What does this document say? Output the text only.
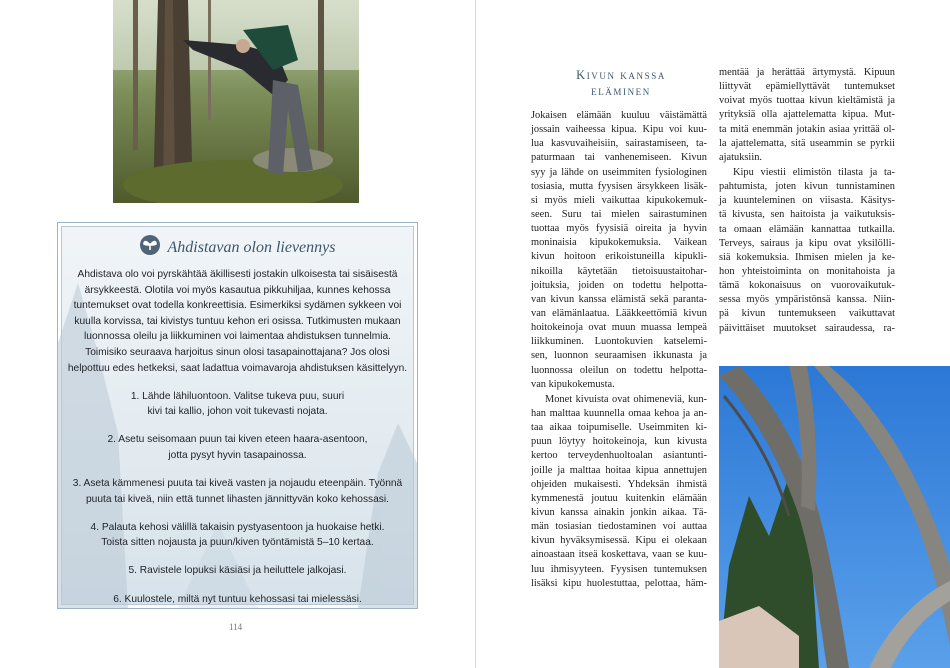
Ahdistavan olon lievennys
Ahdistava olo voi pyrskähtää äkillisesti jostakin ulkoisesta tai sisäisestä
ärsykkeestä. Olotila voi myös kasautua pikkuhiljaa, kunnes kehossa
tuntemukset ovat todella konkreettisia. Esimerkiksi sydämen sykkeen voi
kuulla korvissa, tai kivistys tuntuu kehon eri osissa. Tutkimusten mukaan
luonnossa oleilu ja liikkuminen voi laimentaa ahdistuksen tunnelmia.
Toimisiko seuraava harjoitus sinun olosi tasapainottajana? Jos olosi
helpottuu edes hetkeksi, saat ladattua voimavaroja ahdistuksen käsittelyyn.
1. Lähde lähiluontoon. Valitse tukeva puu, suuri
kivi tai kallio, johon voit tukevasti nojata.
2. Asetu seisomaan puun tai kiven eteen haara-asentoon,
jotta pysyt hyvin tasapainossa.
3. Aseta kämmenesi puuta tai kiveä vasten ja nojaudu eteenpäin. Työnnä
puuta tai kiveä, niin että tunnet lihasten jännittyvän koko kehossasi.
4. Palauta kehosi välillä takaisin pystyasentoon ja huokaise hetki.
Toista sitten nojausta ja puun/kiven työntämistä 5–10 kertaa.
5. Ravistele lopuksi käsiäsi ja heiluttele jalkojasi.
6. Kuulostele, miltä nyt tuntuu kehossasi tai mielessäsi.
114
Kivun kanssa
eläminen
Jokaisen elämään kuuluu väistämättä
jossain vaiheessa kipua. Kipu voi kuu-
lua kasvuvaiheisiin, sairastamiseen, ta-
paturmaan tai vanhenemiseen. Kivun
syy ja lähde on useimmiten fysiologinen
tosiasia, mutta fyysisen ärsykkeen lisäk-
si myös mieli vaikuttaa kipukokemuk-
seen. Suru tai mielen sairastuminen
tuottaa myös fyysisiä oireita ja hyvin
moninaisia kipukokemuksia. Vaikean
kivun hoitoon erikoistuneilla kipukli-
nikoilla käytetään tietoisuustaitohar-
joituksia, joiden on todettu helpotta-
van kivun kanssa elämistä sekä paranta-
van elämänlaatua. Lääkkeettömiä kivun
hoitokeinoja ovat muun muassa lempeä
liikkuminen. Luontokuvien katselemi-
sen, luonnon seuraamisen ikkunasta ja
luonnossa oleilun on todettu helpotta-
van kipukokemusta.
Monet kivuista ovat ohimeneviä, kun-
han malttaa kuunnella omaa kehoa ja an-
taa aikaa toipumiselle. Useimmiten ki-
puun löytyy hoitokeinoja, kun kivusta
kertoo terveydenhuoltoalan asiantunti-
joille ja malttaa hoitaa kipua annettujen
ohjeiden mukaisesti. Yhdeksän ihmistä
kymmenestä joutuu kuitenkin elämään
kivun kanssa ainakin jonkin aikaa. Tä-
män tosiasian tiedostaminen voi auttaa
kivun hyväksymisessä. Kipu ei olekaan
ainoastaan itseä koskettava, vaan se kuu-
luu ihmisyyteen. Fyysisen tuntemuksen
lisäksi kipu huolestuttaa, pelottaa, häm-
mentää ja herättää ärtymystä. Kipuun
liittyvät epämiellyttävät tuntemukset
voivat myös tuottaa kivun kieltämistä ja
yrityksiä olla ajattelematta kipua. Mut-
ta mitä enemmän jotakin asiaa yrittää ol-
la ajattelematta, sitä useammin se pyrkii
ajatuksiin.
Kipu viestii elimistön tilasta ja ta-
pahtumista, joten kivun tunnistaminen
ja kuunteleminen on viisasta. Käsitys-
tä kivusta, sen haitoista ja vaikutuksis-
ta omaan elämään kannattaa tutkailla.
Terveys, sairaus ja kipu ovat yksilölli-
siä kokemuksia. Ihmisen mielen ja ke-
hon yhteistoiminta on monitahoista ja
tämä kokonaisuus on vuorovaikutuk-
sessa myös ympäristönsä kanssa. Niin-
pä kivun tuntemukseen vaikuttavat
päivittäiset muutokset sairaudessa, ra-
